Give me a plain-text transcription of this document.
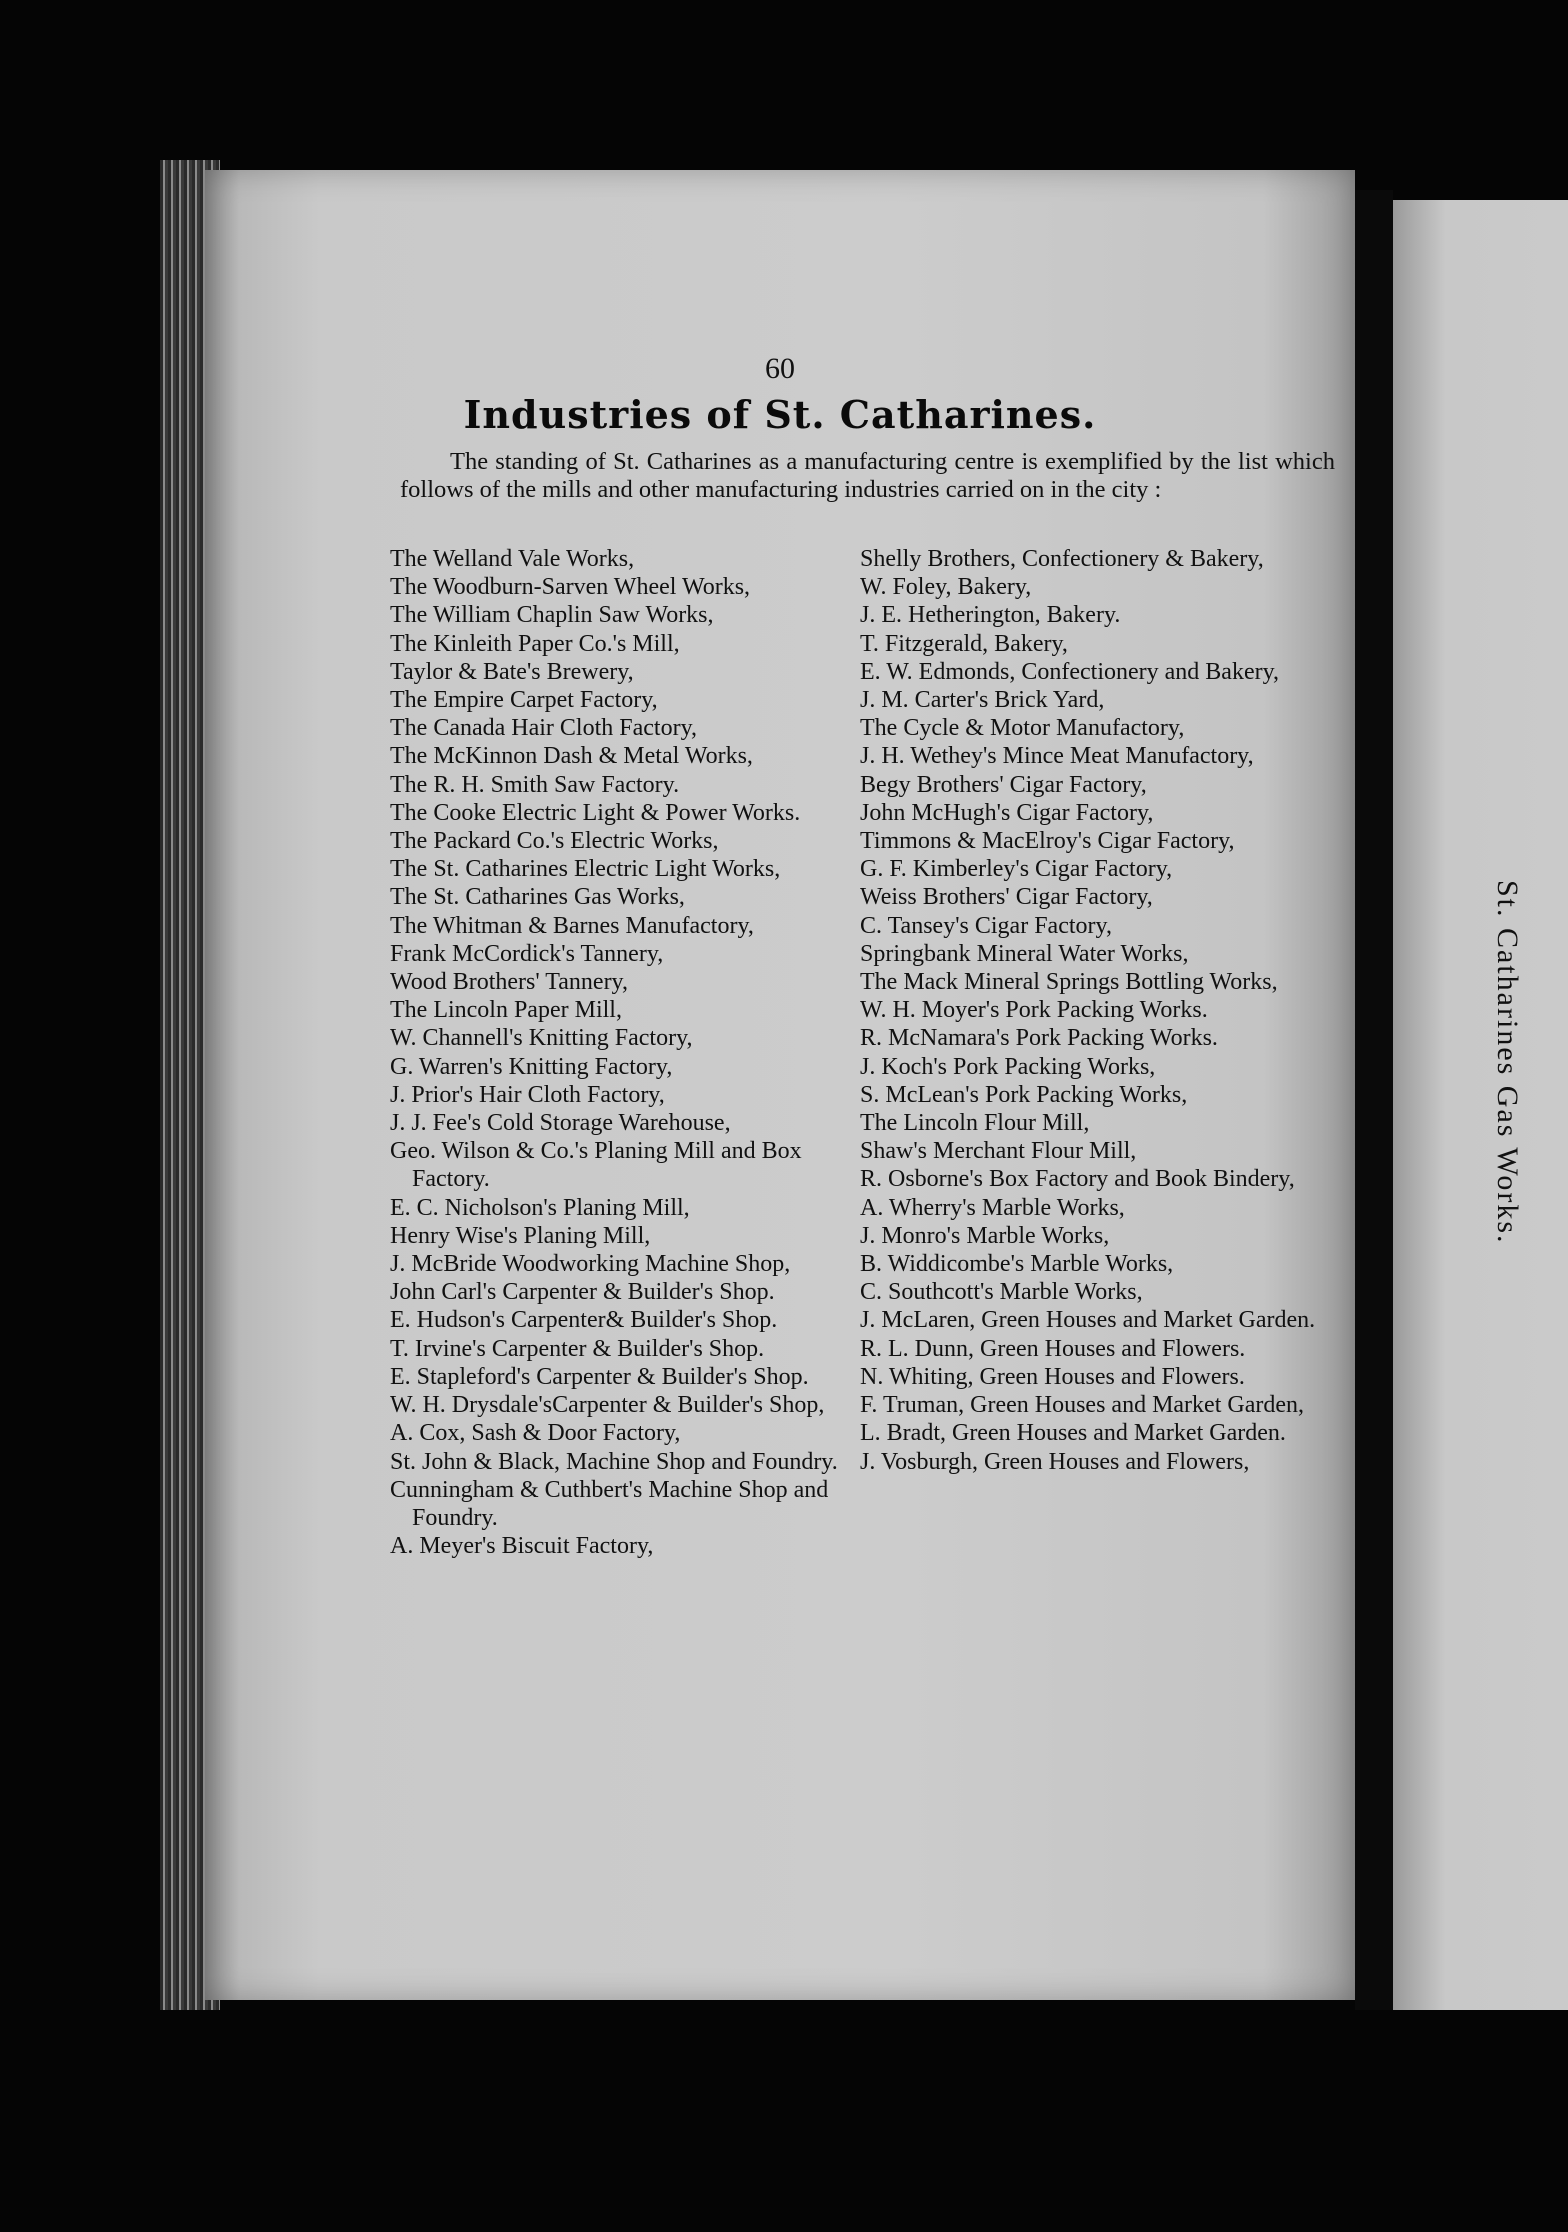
60
Industries of St. Catharines.

The standing of St. Catharines as a manufacturing centre is exemplified by the list which follows of the mills and other manufacturing industries carried on in the city :

The Welland Vale Works,
The Woodburn-Sarven Wheel Works,
The William Chaplin Saw Works,
The Kinleith Paper Co.'s Mill,
Taylor & Bate's Brewery,
The Empire Carpet Factory,
The Canada Hair Cloth Factory,
The McKinnon Dash & Metal Works,
The R. H. Smith Saw Factory.
The Cooke Electric Light & Power Works.
The Packard Co.'s Electric Works,
The St. Catharines Electric Light Works,
The St. Catharines Gas Works,
The Whitman & Barnes Manufactory,
Frank McCordick's Tannery,
Wood Brothers' Tannery,
The Lincoln Paper Mill,
W. Channell's Knitting Factory,
G. Warren's Knitting Factory,
J. Prior's Hair Cloth Factory,
J. J. Fee's Cold Storage Warehouse,
Geo. Wilson & Co.'s Planing Mill and Box Factory.
E. C. Nicholson's Planing Mill,
Henry Wise's Planing Mill,
J. McBride Woodworking Machine Shop,
John Carl's Carpenter & Builder's Shop.
E. Hudson's Carpenter& Builder's Shop.
T. Irvine's Carpenter & Builder's Shop.
E. Stapleford's Carpenter & Builder's Shop.
W. H. Drysdale'sCarpenter & Builder's Shop,
A. Cox, Sash & Door Factory,
St. John & Black, Machine Shop and Foundry.
Cunningham & Cuthbert's Machine Shop and Foundry.
A. Meyer's Biscuit Factory,
Shelly Brothers, Confectionery & Bakery,
W. Foley, Bakery,
J. E. Hetherington, Bakery.
T. Fitzgerald, Bakery,
E. W. Edmonds, Confectionery and Bakery,
J. M. Carter's Brick Yard,
The Cycle & Motor Manufactory,
J. H. Wethey's Mince Meat Manufactory,
Begy Brothers' Cigar Factory,
John McHugh's Cigar Factory,
Timmons & MacElroy's Cigar Factory,
G. F. Kimberley's Cigar Factory,
Weiss Brothers' Cigar Factory,
C. Tansey's Cigar Factory,
Springbank Mineral Water Works,
The Mack Mineral Springs Bottling Works,
W. H. Moyer's Pork Packing Works.
R. McNamara's Pork Packing Works.
J. Koch's Pork Packing Works,
S. McLean's Pork Packing Works,
The Lincoln Flour Mill,
Shaw's Merchant Flour Mill,
R. Osborne's Box Factory and Book Bindery,
A. Wherry's Marble Works,
J. Monro's Marble Works,
B. Widdicombe's Marble Works,
C. Southcott's Marble Works,
J. McLaren, Green Houses and Market Garden.
R. L. Dunn, Green Houses and Flowers.
N. Whiting, Green Houses and Flowers.
F. Truman, Green Houses and Market Garden,
L. Bradt, Green Houses and Market Garden.
J. Vosburgh, Green Houses and Flowers,
St. Catharines Gas Works.
